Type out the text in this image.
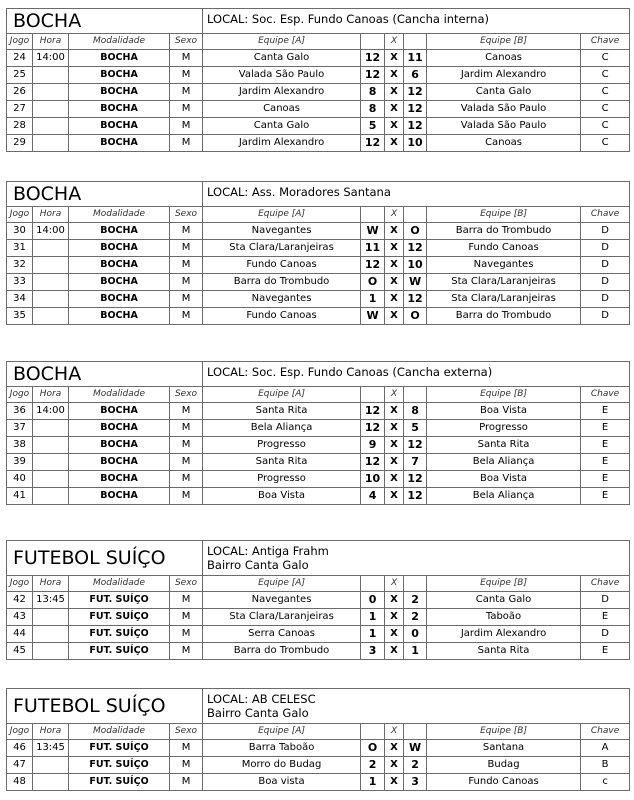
BOCHA				LOCAL: Soc. Esp. Fundo Canoas (Cancha interna)					

Jogo	Hora	Modalidade	Sexo	Equipe [A]		X		Equipe [B]	Chave
24	14:00	BOCHA	M	Canta Galo	12	X	11	Canoas	C
25		BOCHA	M	Valada São Paulo	12	X	6	Jardim Alexandro	C
26		BOCHA	M	Jardim Alexandro	8	X	12	Canta Galo	C
27		BOCHA	M	Canoas	8	X	12	Valada São Paulo	C
28		BOCHA	M	Canta Galo	5	X	12	Valada São Paulo	C
29		BOCHA	M	Jardim Alexandro	12	X	10	Canoas	C
BOCHA				LOCAL: Ass. Moradores Santana					

Jogo	Hora	Modalidade	Sexo	Equipe [A]		X		Equipe [B]	Chave
30	14:00	BOCHA	M	Navegantes	W	X	O	Barra do Trombudo	D
31		BOCHA	M	Sta Clara/Laranjeiras	11	X	12	Fundo Canoas	D
32		BOCHA	M	Fundo Canoas	12	X	10	Navegantes	D
33		BOCHA	M	Barra do Trombudo	O	X	W	Sta Clara/Laranjeiras	D
34		BOCHA	M	Navegantes	1	X	12	Sta Clara/Laranjeiras	D
35		BOCHA	M	Fundo Canoas	W	X	O	Barra do Trombudo	D
BOCHA				LOCAL: Soc. Esp. Fundo Canoas (Cancha externa)					

Jogo	Hora	Modalidade	Sexo	Equipe [A]		X		Equipe [B]	Chave
36	14:00	BOCHA	M	Santa Rita	12	X	8	Boa Vista	E
37		BOCHA	M	Bela Aliança	12	X	5	Progresso	E
38		BOCHA	M	Progresso	9	X	12	Santa Rita	E
39		BOCHA	M	Santa Rita	12	X	7	Bela Aliança	E
40		BOCHA	M	Progresso	10	X	12	Boa Vista	E
41		BOCHA	M	Boa Vista	4	X	12	Bela Aliança	E
FUTEBOL SUÍÇO				LOCAL: Antiga Frahm
Bairro Canta Galo					

Jogo	Hora	Modalidade	Sexo	Equipe [A]		X		Equipe [B]	Chave
42	13:45	FUT. SUÍÇO	M	Navegantes	0	X	2	Canta Galo	D
43		FUT. SUÍÇO	M	Sta Clara/Laranjeiras	1	X	2	Taboão	E
44		FUT. SUÍÇO	M	Serra Canoas	1	X	0	Jardim Alexandro	D
45		FUT. SUÍÇO	M	Barra do Trombudo	3	X	1	Santa Rita	E
FUTEBOL SUÍÇO				LOCAL: AB CELESC
Bairro Canta Galo					

Jogo	Hora	Modalidade	Sexo	Equipe [A]		X		Equipe [B]	Chave
46	13:45	FUT. SUÍÇO	M	Barra Taboão	O	X	W	Santana	A
47		FUT. SUÍÇO	M	Morro do Budag	2	X	2	Budag	B
48		FUT. SUÍÇO	M	Boa vista	1	X	3	Fundo Canoas	c
